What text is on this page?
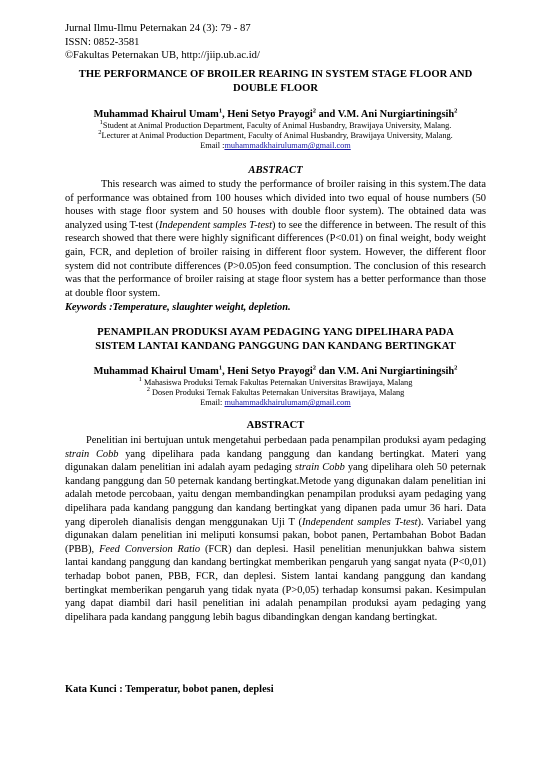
Jurnal Ilmu-Ilmu Peternakan 24 (3): 79 - 87
ISSN: 0852-3581
©Fakultas Peternakan UB, http://jiip.ub.ac.id/
THE PERFORMANCE OF BROILER REARING IN SYSTEM STAGE FLOOR AND
DOUBLE FLOOR
Muhammad Khairul Umam$^1$, Heni Setyo Prayogi$^2$ and V.M. Ani Nurgiartiningsih$^2$
$^1$Student at Animal Production Department, Faculty of Animal Husbandry, Brawijaya University, Malang.
$^2$Lecturer at Animal Production Department, Faculty of Animal Husbandry, Brawijaya University, Malang.
Email :muhammadkhairulumam@gmail.com
ABSTRACT
This research was aimed to study the performance of broiler raising in this system.The data of performance was obtained from 100 houses which divided into two equal of house numbers (50 houses with stage floor system and 50 houses with double floor system). The obtained data was analyzed using T-test (Independent samples T-test) to see the difference in between. The result of this research showed that there were highly significant differences (P<0.01) on final weight, body weight gain, FCR, and depletion of broiler raising in different floor system. However, the different floor system did not contribute differences (P>0.05)on feed consumption. The conclusion of this research was that the performance of broiler raising at stage floor system has a better performance than those at double floor system.
Keywords :Temperature, slaughter weight, depletion.
PENAMPILAN PRODUKSI AYAM PEDAGING YANG DIPELIHARA PADA
SISTEM LANTAI KANDANG PANGGUNG DAN KANDANG BERTINGKAT
Muhammad Khairul Umam$^1$, Heni Setyo Prayogi$^2$ dan V.M. Ani Nurgiartiningsih$^2$
$^1$ Mahasiswa Produksi Ternak Fakultas Peternakan Universitas Brawijaya, Malang
$^2$ Dosen Produksi Ternak Fakultas Peternakan Universitas Brawijaya, Malang
Email: muhammadkhairulumam@gmail.com
ABSTRACT
Penelitian ini bertujuan untuk mengetahui perbedaan pada penampilan produksi ayam pedaging strain Cobb yang dipelihara pada kandang panggung dan kandang bertingkat. Materi yang digunakan dalam penelitian ini adalah ayam pedaging strain Cobb yang dipelihara oleh 50 peternak kandang panggung dan 50 peternak kandang bertingkat.Metode yang digunakan dalam penelitian ini adalah metode percobaan, yaitu dengan membandingkan penampilan produksi ayam pedaging yang dipelihara pada kandang panggung dan kandang bertingkat yang dipanen pada umur 36 hari. Data yang diperoleh dianalisis dengan menggunakan Uji T (Independent samples T-test). Variabel yang digunakan dalam penelitian ini meliputi konsumsi pakan, bobot panen, Pertambahan Bobot Badan (PBB), Feed Conversion Ratio (FCR) dan deplesi. Hasil penelitian menunjukkan bahwa sistem lantai kandang panggung dan kandang bertingkat memberikan pengaruh yang sangat nyata (P<0,01) terhadap bobot panen, PBB, FCR, dan deplesi. Sistem lantai kandang panggung dan kandang bertingkat memberikan pengaruh yang tidak nyata (P>0,05) terhadap konsumsi pakan. Kesimpulan yang dapat diambil dari hasil penelitian ini adalah penampilan produksi ayam pedaging yang dipelihara pada kandang panggung lebih bagus dibandingkan dengan kandang bertingkat.
Kata Kunci : Temperatur, bobot panen, deplesi
